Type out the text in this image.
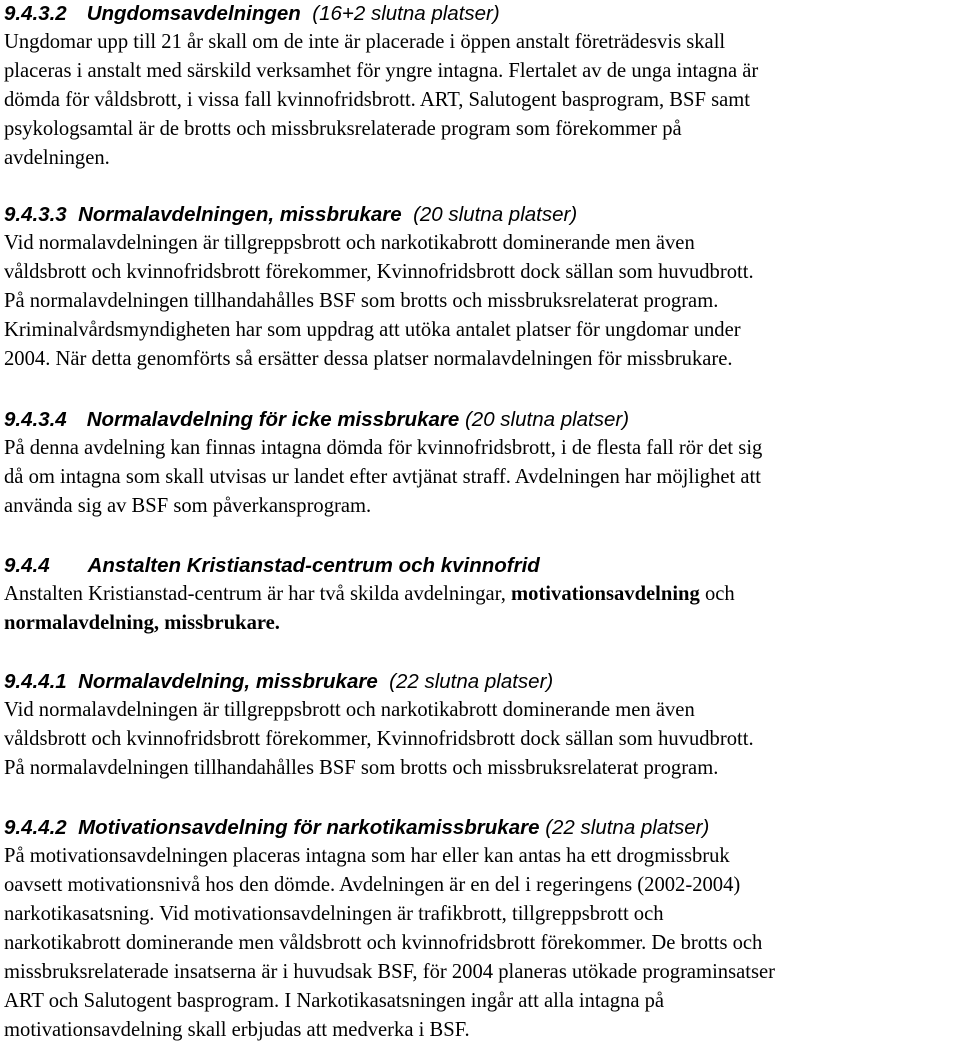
9.4.3.2 Ungdomsavdelningen (16+2 slutna platser)
Ungdomar upp till 21 år skall om de inte är placerade i öppen anstalt företrädesvis skall
placeras i anstalt med särskild verksamhet för yngre intagna. Flertalet av de unga intagna är
dömda för våldsbrott, i vissa fall kvinnofridsbrott. ART, Salutogent basprogram, BSF samt
psykologsamtal är de brotts och missbruksrelaterade program som förekommer på
avdelningen.
9.4.3.3 Normalavdelningen, missbrukare (20 slutna platser)
Vid normalavdelningen är tillgreppsbrott och narkotikabrott dominerande men även
våldsbrott och kvinnofridsbrott förekommer, Kvinnofridsbrott dock sällan som huvudbrott.
På normalavdelningen tillhandahålles BSF som brotts och missbruksrelaterat program.
Kriminalvårdsmyndigheten har som uppdrag att utöka antalet platser för ungdomar under
2004. När detta genomförts så ersätter dessa platser normalavdelningen för missbrukare.
9.4.3.4 Normalavdelning för icke missbrukare (20 slutna platser)
På denna avdelning kan finnas intagna dömda för kvinnofridsbrott, i de flesta fall rör det sig
då om intagna som skall utvisas ur landet efter avtjänat straff. Avdelningen har möjlighet att
använda sig av BSF som påverkansprogram.
9.4.4 Anstalten Kristianstad-centrum och kvinnofrid
Anstalten Kristianstad-centrum är har två skilda avdelningar, motivationsavdelning och
normalavdelning, missbrukare.
9.4.4.1 Normalavdelning, missbrukare (22 slutna platser)
Vid normalavdelningen är tillgreppsbrott och narkotikabrott dominerande men även
våldsbrott och kvinnofridsbrott förekommer, Kvinnofridsbrott dock sällan som huvudbrott.
På normalavdelningen tillhandahålles BSF som brotts och missbruksrelaterat program.
9.4.4.2 Motivationsavdelning för narkotikamissbrukare (22 slutna platser)
På motivationsavdelningen placeras intagna som har eller kan antas ha ett drogmissbruk
oavsett motivationsnivå hos den dömde. Avdelningen är en del i regeringens (2002-2004)
narkotikasatsning. Vid motivationsavdelningen är trafikbrott, tillgreppsbrott och
narkotikabrott dominerande men våldsbrott och kvinnofridsbrott förekommer. De brotts och
missbruksrelaterade insatserna är i huvudsak BSF, för 2004 planeras utökade programinsatser
ART och Salutogent basprogram. I Narkotikasatsningen ingår att alla intagna på
motivationsavdelning skall erbjudas att medverka i BSF.
